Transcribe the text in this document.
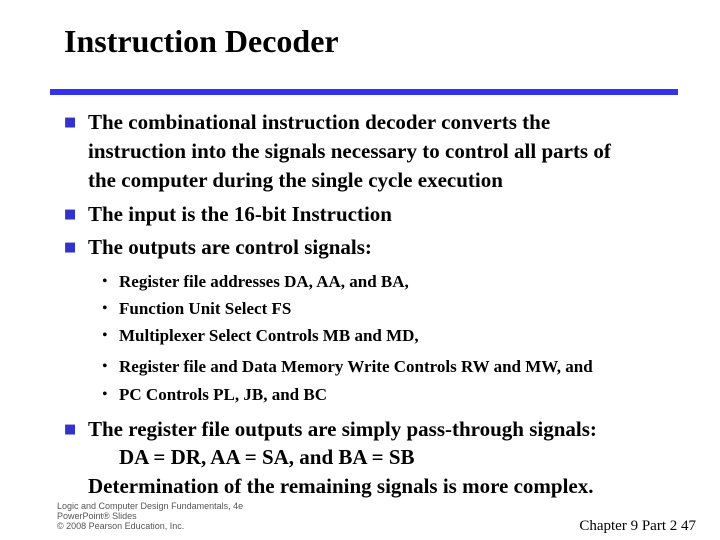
Instruction Decoder
■ The combinational instruction decoder converts the
instruction into the signals necessary to control all parts of
the computer during the single cycle execution
■ The input is the 16-bit Instruction
■ The outputs are control signals:
• Register file addresses DA, AA, and BA,
• Function Unit Select FS
• Multiplexer Select Controls MB and MD,
• Register file and Data Memory Write Controls RW and MW, and
• PC Controls PL, JB, and BC
■ The register file outputs are simply pass-through signals:
DA = DR, AA = SA, and BA = SB
Determination of the remaining signals is more complex.
Logic and Computer Design Fundamentals, 4e
PowerPoint® Slides
© 2008 Pearson Education, Inc.	Chapter 9 Part 2 47
